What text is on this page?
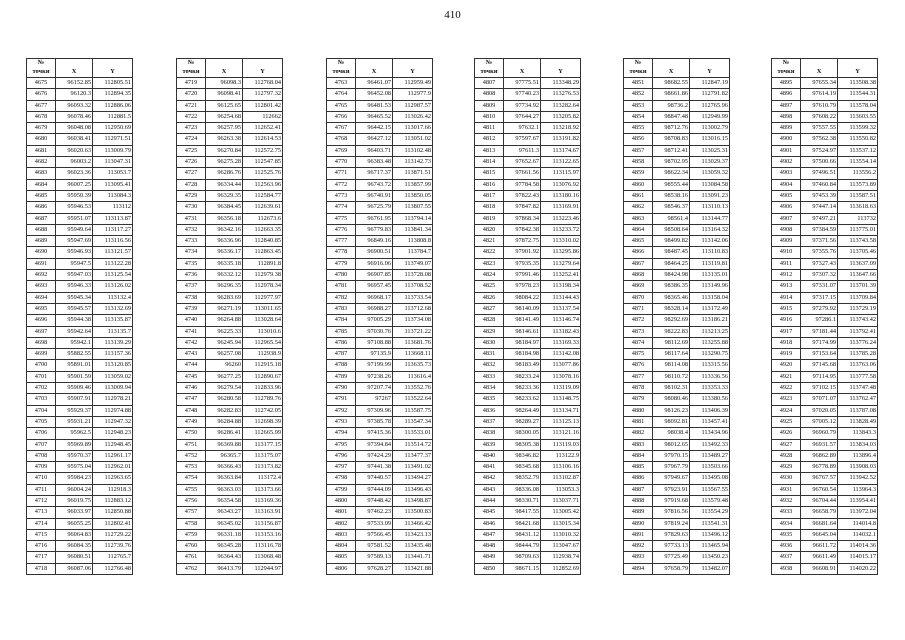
410
№		
точки	X	Y
4675	96152.85	112805.51
4676	96120.3	112894.35
4677	96093.32	112886.06
4678	96078.46	112881.5
4679	96048.08	112950.69
4680	96038.41	112971.51
4681	96020.63	113009.79
4682	96003.2	113047.31
4683	96023.36	113053.7
4684	96007.25	113095.41
4685	95950.39	113084.3
4686	95946.53	113112
4687	95951.07	113113.87
4688	95949.64	113117.27
4689	95947.69	113116.56
4690	95946.93	113121.57
4691	95947.5	113122.28
4692	95947.03	113125.54
4693	95946.33	113126.02
4694	95945.34	113132.4
4695	95945.57	113132.69
4696	95944.38	113135.87
4697	95942.64	113135.7
4698	95942.1	113139.29
4699	95882.55	113157.36
4700	95891.01	113120.85
4701	95901.59	113059.02
4702	95909.46	113009.94
4703	95907.91	112978.21
4704	95929.37	112974.88
4705	95931.21	112947.32
4706	95962.5	112948.23
4707	95969.89	112948.45
4708	95970.37	112961.17
4709	95975.04	112962.01
4710	95984.23	112963.65
4711	96004.24	112918.3
4712	96019.75	112883.12
4713	96033.97	112850.88
4714	96055.25	112802.41
4715	96064.83	112729.22
4716	96084.35	112739.76
4717	96080.51	112765.7
4718	96087.06	112766.48
№		
точки	X	Y
4719	96098.3	112768.04
4720	96098.41	112797.32
4721	96125.65	112801.42
4722	96254.68	112662
4723	96257.95	112652.41
4724	96263.38	112614.53
4725	96270.84	112572.75
4726	96275.28	112547.85
4727	96286.76	112525.76
4728	96334.44	112563.96
4729	96329.35	112584.77
4730	96384.45	112639.61
4731	96356.18	112673.6
4732	96342.16	112663.35
4733	96336.96	112840.85
4734	96336.17	112863.45
4735	96335.18	112891.8
4736	96332.12	112979.38
4737	96296.35	112978.34
4738	96283.69	112977.97
4739	96271.19	113011.65
4740	96264.88	113028.64
4741	96225.33	113010.6
4742	96245.94	112965.54
4743	96257.08	112938.9
4744	96260	112915.18
4745	96277.25	112890.67
4746	96279.54	112833.96
4747	96280.58	112789.76
4748	96282.83	112742.05
4749	96284.88	112698.39
4750	96286.41	112665.99
4751	96369.88	113177.15
4752	96365.7	113175.07
4753	96366.43	113173.82
4754	96363.84	113172.4
4755	96363.03	113173.66
4756	96354.58	113169.36
4757	96343.27	113163.91
4758	96345.02	113156.87
4759	96331.18	113153.16
4760	96345.28	113116.78
4761	96364.43	113068.48
4762	96413.79	112944.97
№		
точки	X	Y
4763	96461.07	112959.49
4764	96452.08	112977.9
4765	96481.53	112987.57
4766	96465.52	113026.42
4767	96442.15	113017.66
4768	96427.12	113051.02
4769	96403.71	113102.48
4770	96383.48	113142.73
4771	96717.37	113871.51
4772	96743.72	113857.99
4773	96740.91	113850.05
4774	96725.79	113807.55
4775	96761.95	113794.14
4776	96779.83	113841.34
4777	96849.16	113808.8
4778	96900.51	113784.7
4779	96916.06	113749.07
4780	96907.85	113728.08
4781	96957.45	113708.52
4782	96968.17	113733.54
4783	96988.27	113712.68
4784	97005.29	113734.08
4785	97030.76	113721.22
4786	97108.88	113681.76
4787	97135.9	113668.11
4788	97199.99	113635.73
4789	97238.26	113616.4
4790	97207.74	113552.76
4791	97267	113522.64
4792	97309.96	113587.75
4793	97385.78	113547.34
4794	97415.36	113533.01
4795	97394.84	113514.72
4796	97424.29	113477.37
4797	97441.38	113491.02
4798	97440.57	113494.27
4799	97444.09	113496.43
4800	97448.42	113498.87
4801	97462.23	113500.83
4802	97533.09	113466.42
4803	97566.45	113423.13
4804	97581.52	113435.48
4805	97589.13	113441.71
4806	97628.27	113421.88
№		
точки	X	Y
4807	97775.51	113348.29
4808	97740.23	113276.53
4809	97734.92	113282.64
4810	97644.27	113205.82
4811	97632.1	113218.92
4812	97597.67	113191.82
4813	97611.3	113174.67
4814	97652.67	113122.65
4815	97661.56	113115.97
4816	97784.58	113076.92
4817	97822.43	113180.16
4818	97847.82	113169.91
4819	97868.34	113223.46
4820	97842.38	113233.72
4821	97872.75	113310.02
4822	97901.92	113295.86
4823	97935.35	113279.64
4824	97991.46	113252.41
4825	97978.23	113198.34
4826	98084.22	113144.43
4827	98140.09	113137.54
4828	98141.49	113146.74
4829	98146.61	113182.43
4830	98184.97	113169.33
4831	98184.98	113142.08
4832	98183.49	113077.86
4833	98233.24	113078.16
4834	98233.36	113119.09
4835	98233.62	113148.75
4836	98264.49	113134.71
4837	98289.27	113125.13
4838	98300.05	113121.16
4839	98305.38	113119.03
4840	98346.82	113122.9
4841	98345.68	113106.16
4842	98352.79	113102.87
4843	98336.08	113053.3
4844	98330.71	113037.71
4845	98417.55	113005.42
4846	98421.68	113015.34
4847	98431.12	113010.32
4848	98444.79	113047.67
4849	98709.63	112938.74
4850	98671.15	112852.69
№		
точки	X	Y
4851	98682.55	112847.19
4852	98661.86	112791.82
4853	98736.2	112765.96
4854	98847.48	112949.99
4855	98712.76	113002.79
4856	98708.83	113016.15
4857	98712.41	113025.31
4858	98702.95	113029.37
4859	98622.34	113059.32
4860	98555.44	113084.58
4861	98538.16	113091.23
4862	98546.37	113110.13
4863	98561.4	113144.77
4864	98508.64	113164.32
4865	98499.82	113142.06
4866	98487.45	113110.83
4867	98464.25	113119.81
4868	98424.98	113135.01
4869	98386.35	113149.96
4870	98365.46	113158.04
4871	98328.14	113172.49
4872	98292.69	113186.21
4873	98222.83	113213.25
4874	98112.69	113255.88
4875	98117.64	113290.75
4876	98114.08	113315.56
4877	98110.72	113336.56
4878	98102.31	113353.33
4879	98080.46	113380.56
4880	98126.23	113406.39
4881	98092.81	113457.41
4882	98038.4	113434.96
4883	98012.65	113492.33
4884	97970.15	113489.27
4885	97967.79	113503.66
4886	97949.67	113495.08
4887	97923.91	113567.55
4888	97919.68	113579.48
4889	97816.56	113554.29
4890	97819.24	113541.31
4891	97829.63	113496.12
4892	97733.13	113465.94
4893	97725.49	113450.23
4894	97658.79	113482.07
№		
точки	X	Y
4895	97655.34	113508.38
4896	97614.19	113544.31
4897	97610.79	113578.04
4898	97608.22	113603.55
4899	97557.55	113599.32
4900	97562.38	113550.82
4901	97524.97	113537.12
4902	97500.66	113554.14
4903	97496.51	113556.2
4904	97460.84	113573.89
4905	97453.39	113587.51
4906	97447.14	113618.63
4907	97497.21	113732
4908	97384.59	113775.01
4909	97371.56	113743.58
4910	97355.76	113705.46
4911	97327.43	113637.09
4912	97307.32	113647.66
4913	97331.07	113701.39
4914	97317.15	113709.84
4915	97279.92	113729.19
4916	97286.1	113743.42
4917	97181.44	113792.41
4918	97174.99	113776.24
4919	97153.64	113785.28
4920	97145.68	113763.06
4921	97114.95	113777.58
4922	97102.15	113747.48
4923	97071.07	113762.47
4924	97020.05	113787.08
4925	97005.12	113828.49
4926	96960.79	113843.3
4927	96931.57	113834.03
4928	96862.89	113896.4
4929	96778.89	113908.03
4930	96767.57	113942.52
4931	96760.54	113964.3
4932	96704.44	113954.41
4933	96658.79	113972.04
4934	96681.64	114014.8
4935	96645.04	114032.1
4936	96611.72	114014.36
4937	96611.49	114015.17
4938	96608.91	114020.22
